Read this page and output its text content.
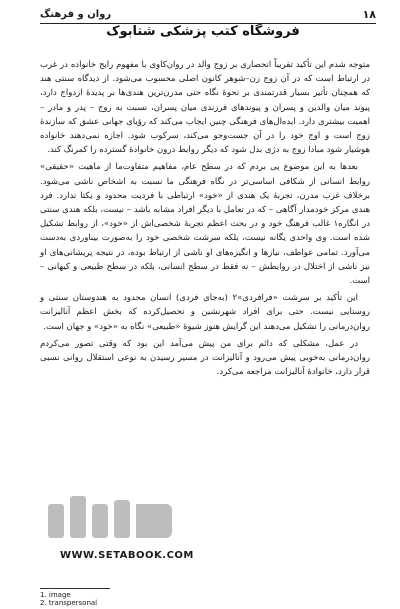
۱۸
روان و فرهنگ
فروشگاه کتب پزشکی شتابوک

متوجه شدم این تأکید تقریباً انحصاری بر زوج والد در روان‌کاوی با مفهوم رایج خانواده در غرب در ارتباط است که در آن زوج زن–شوهر کانون اصلی محسوب می‌شود. از دیدگاه سنتی هند که همچنان تأثیر بسیار قدرتمندی بر نحوهٔ نگاه حتی مدرن‌ترین هندی‌ها بر پدیدهٔ ازدواج دارد، پیوند میان والدین و پسران و پیوندهای فرزندی میان پسران، نسبت به زوج – پدر و مادر – اهمیت بیشتری دارد. ایده‌ال‌های فرهنگی چنین ایجاب می‌کند که رؤیای جهانی عشق که سازندهٔ زوج است و اوج خود را در آن جست‌وجو می‌کند، سرکوب شود. اجازه نمی‌دهند خانواده هوشیار شود مبادا زوج به دژی بدل شود که دیگر روابط درون خانوادهٔ گسترده را کمرنگ کند.

بعدها به این موضوع پی بردم که در سطح عام، مفاهیم متفاوت‌ما از ماهیت «حقیقی» روابط انسانی از شکافی اساسی‌تر در نگاه فرهنگی ما نسبت به اشخاص ناشی می‌شود. برخلاف غرب مدرن، تجربهٔ یک هندی از «خود» ارتباطی با فردیت محدود و یکتا ندارد. فرد هندی مرکز خودمدار آگاهی – که در تعامل با دیگر افراد مشابه باشد – نیست، بلکه هندی سنتی در انگاره۱ غالب فرهنگ خود و در بحث اعظم تجربهٔ شخصی‌اش از «خود»، از روابط تشکیل شده است. وی واحدی یگانه نیست، بلکه سرشت شخصی خود را به‌صورت بیناوردی به‌دست می‌آورد. تمامی عواطف، نیازها و انگیزه‌های او ناشی از ارتباط بوده، در نتیجه پریشانی‌های او نیز ناشی از اختلال در روابطش – نه فقط در سطح انسانی، بلکه در سطح طبیعی و کیهانی – است.

این تأکید بر سرشت «فرافردی»۲ (به‌جای فردی) انسان محدود به هندوستان سنتی و روستایی نیست. حتی برای افراد شهرنشین و تحصیل‌کرده که بخش اعظم آنالیزانت روان‌درمانی را تشکیل می‌دهند این گرایش هنوز شیوهٔ «طبیعی» نگاه به «خود» و جهان است.

در عمل، مشکلی که دائم برای من پیش می‌آمد این بود که وقتی تصور می‌کردم روان‌درمانی به‌خوبی پیش می‌رود و آنالیزانت در مسیر رسیدن به نوعی استقلال روانی نسبی قرار دارد، خانوادهٔ آنالیزانت مراجعه می‌کرد.

WWW.SETABOOK.COM
1. image
2. transpersonal
